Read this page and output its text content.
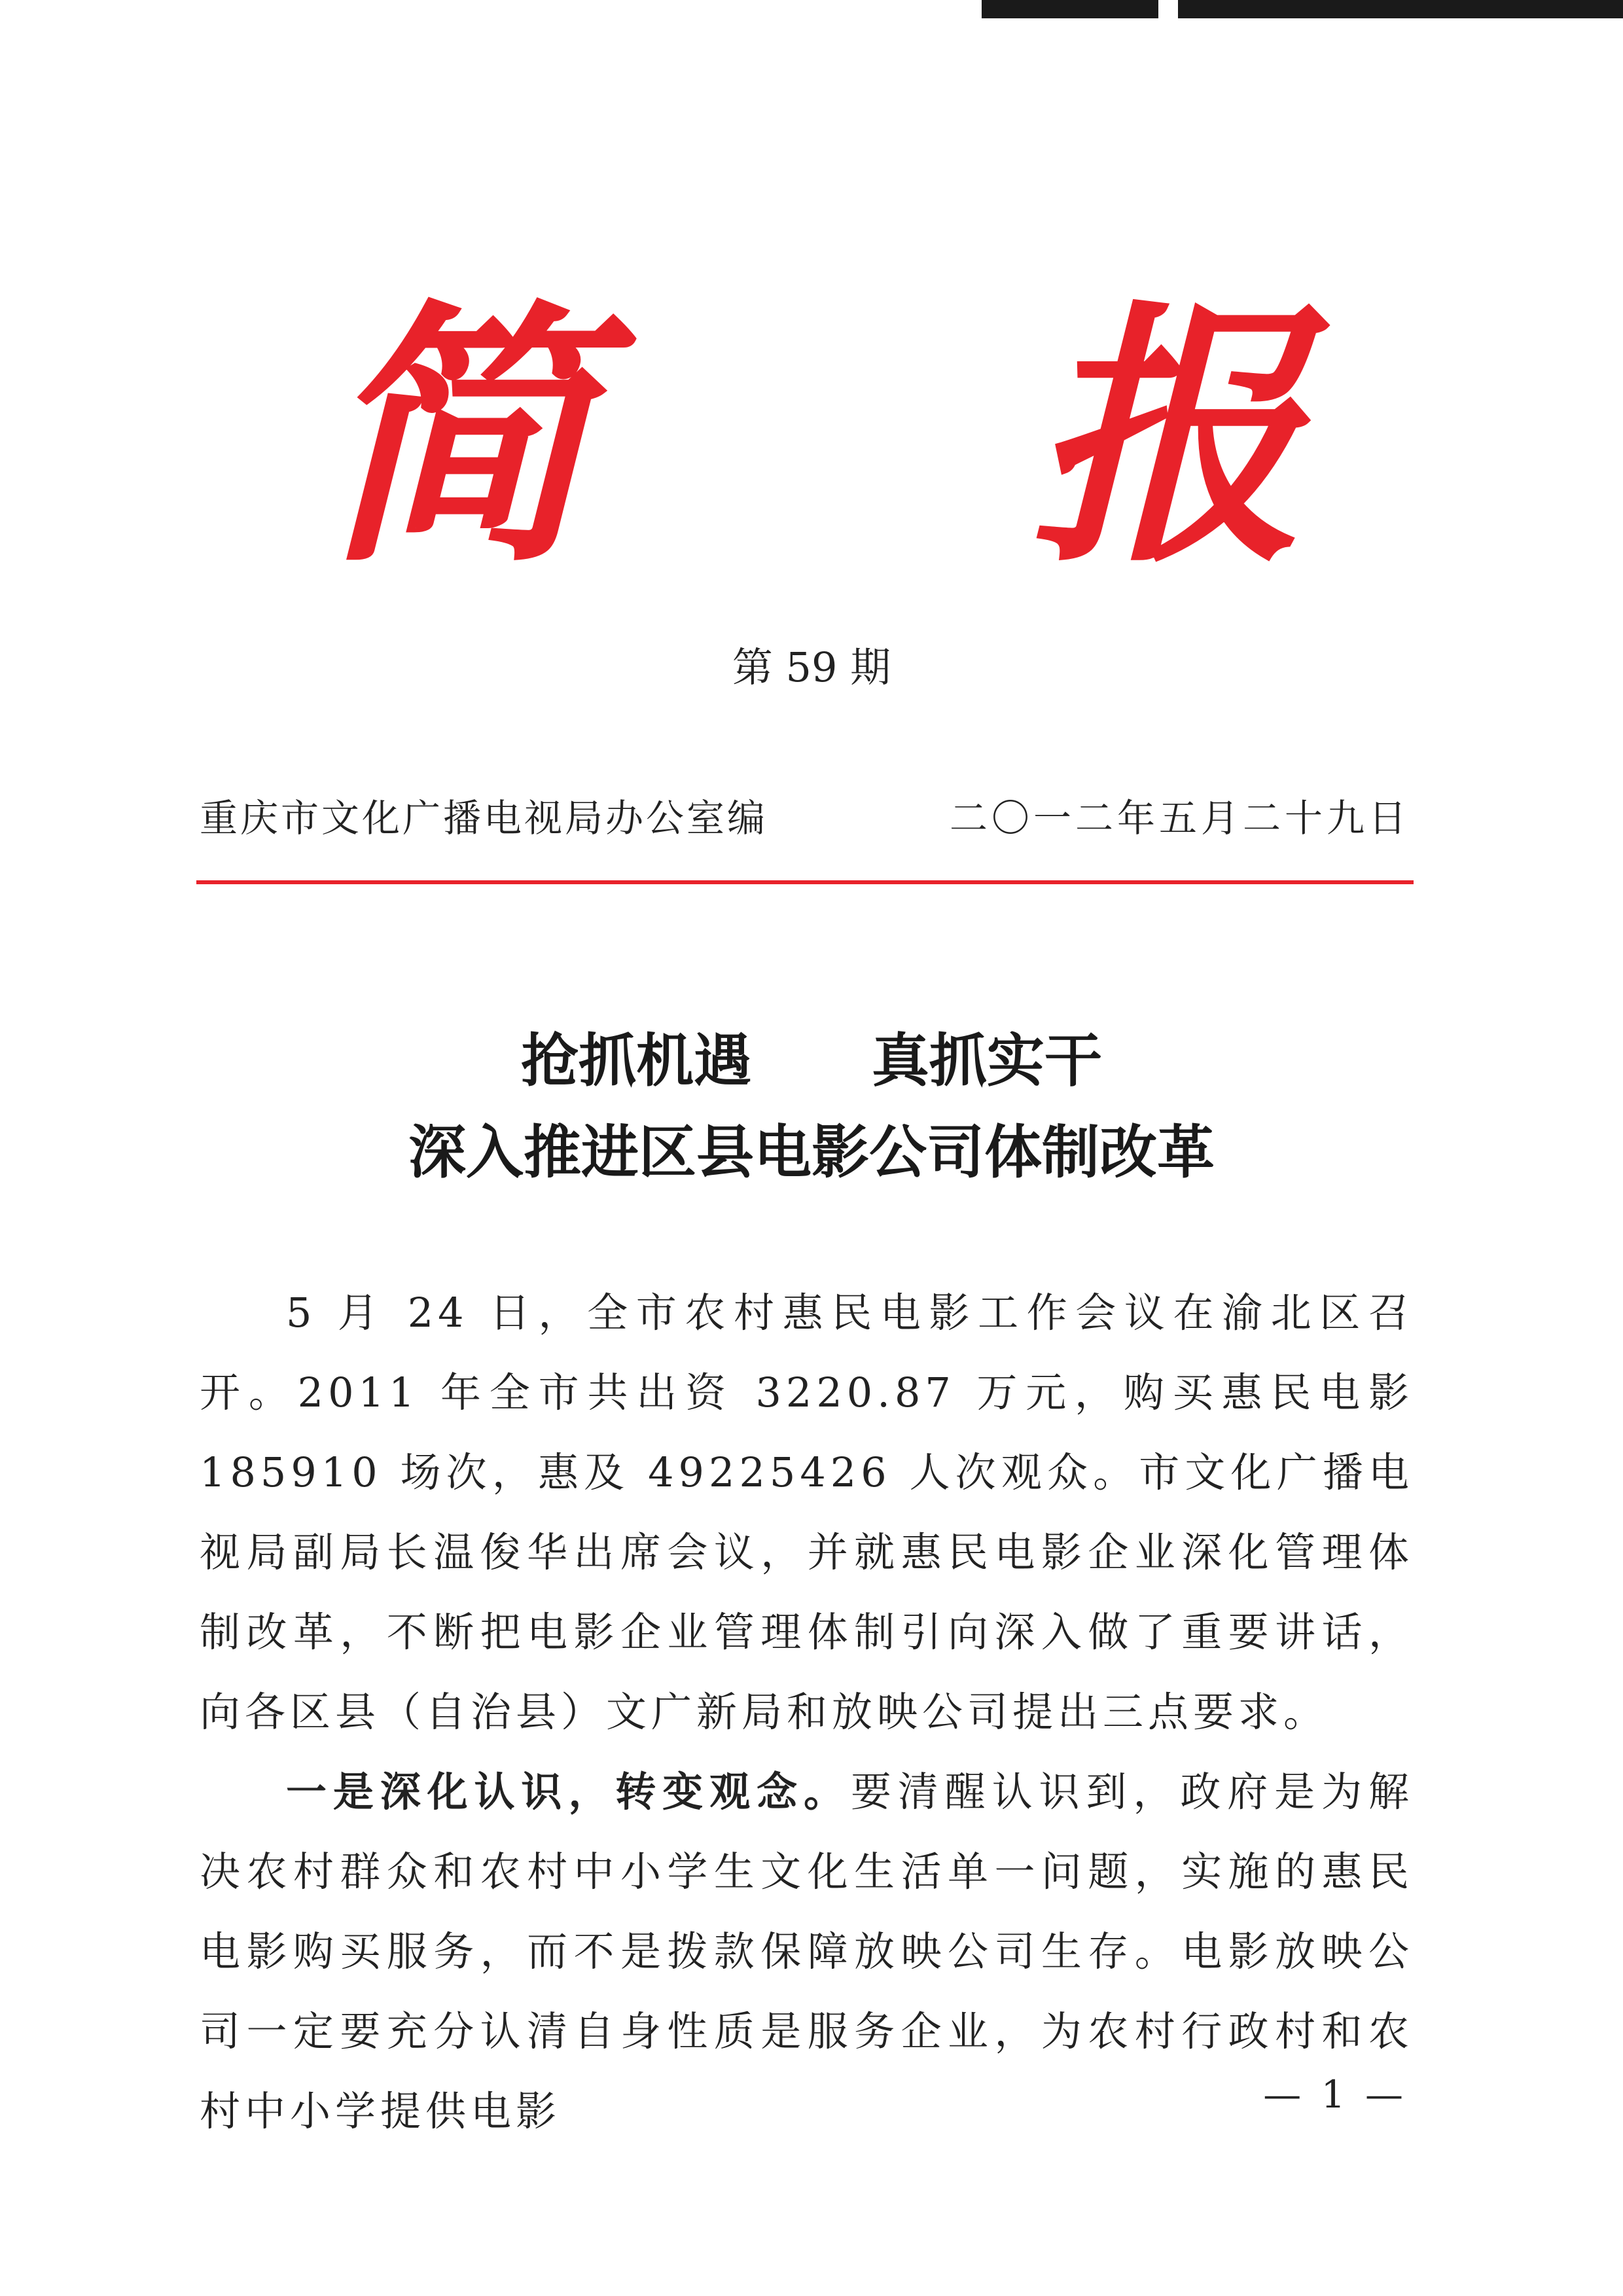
简 报
第 59 期
重庆市文化广播电视局办公室编	二〇一二年五月二十九日
抢抓机遇      真抓实干
深入推进区县电影公司体制改革

5 月 24 日，全市农村惠民电影工作会议在渝北区召开。2011 年全市共出资 3220.87 万元，购买惠民电影 185910 场次，惠及 49225426 人次观众。市文化广播电视局副局长温俊华出席会议，并就惠民电影企业深化管理体制改革，不断把电影企业管理体制引向深入做了重要讲话，向各区县（自治县）文广新局和放映公司提出三点要求。

一是深化认识，转变观念。要清醒认识到，政府是为解决农村群众和农村中小学生文化生活单一问题，实施的惠民电影购买服务，而不是拨款保障放映公司生存。电影放映公司一定要充分认清自身性质是服务企业，为农村行政村和农村中小学提供电影	— 1 —
